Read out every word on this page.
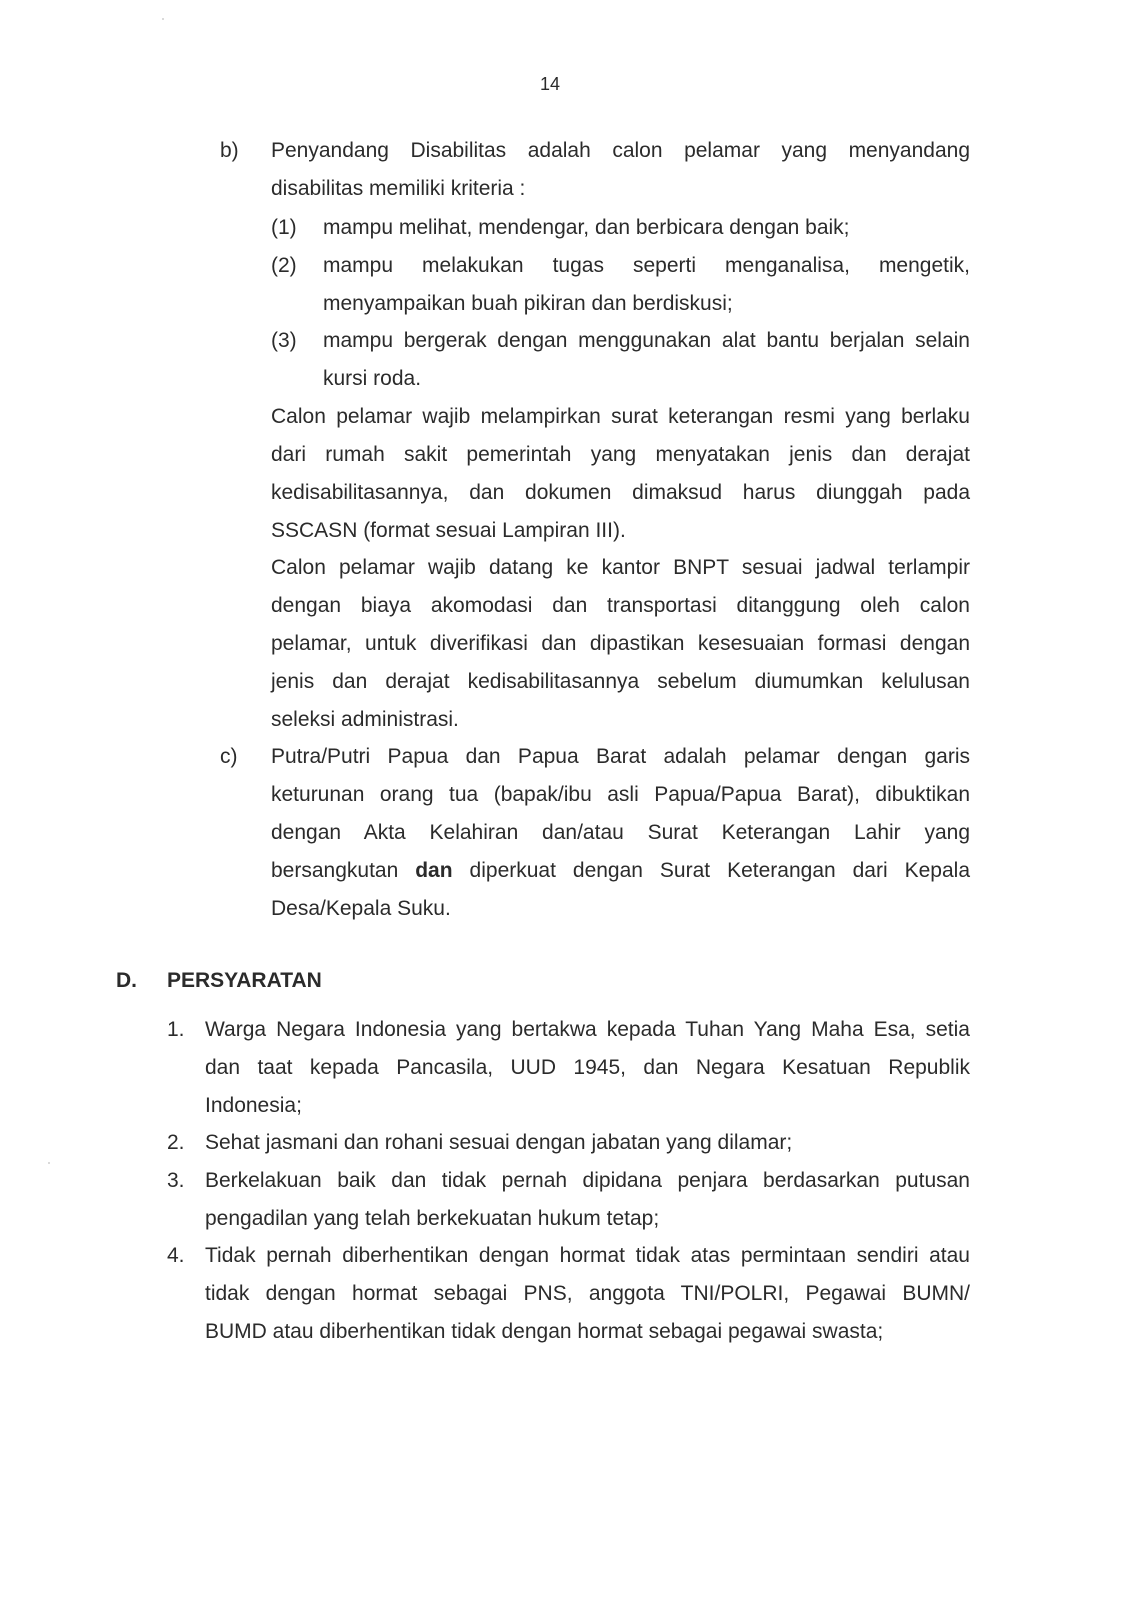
14
b) Penyandang Disabilitas adalah calon pelamar yang menyandang
disabilitas memiliki kriteria :
(1) mampu melihat, mendengar, dan berbicara dengan baik;
(2) mampu melakukan tugas seperti menganalisa, mengetik,
menyampaikan buah pikiran dan berdiskusi;
(3) mampu bergerak dengan menggunakan alat bantu berjalan selain
kursi roda.
Calon pelamar wajib melampirkan surat keterangan resmi yang berlaku
dari rumah sakit pemerintah yang menyatakan jenis dan derajat
kedisabilitasannya, dan dokumen dimaksud harus diunggah pada
SSCASN (format sesuai Lampiran III).
Calon pelamar wajib datang ke kantor BNPT sesuai jadwal terlampir
dengan biaya akomodasi dan transportasi ditanggung oleh calon
pelamar, untuk diverifikasi dan dipastikan kesesuaian formasi dengan
jenis dan derajat kedisabilitasannya sebelum diumumkan kelulusan
seleksi administrasi.
c) Putra/Putri Papua dan Papua Barat adalah pelamar dengan garis
keturunan orang tua (bapak/ibu asli Papua/Papua Barat), dibuktikan
dengan Akta Kelahiran dan/atau Surat Keterangan Lahir yang
bersangkutan dan diperkuat dengan Surat Keterangan dari Kepala
Desa/Kepala Suku.
D. PERSYARATAN
1. Warga Negara Indonesia yang bertakwa kepada Tuhan Yang Maha Esa, setia
dan taat kepada Pancasila, UUD 1945, dan Negara Kesatuan Republik
Indonesia;
2. Sehat jasmani dan rohani sesuai dengan jabatan yang dilamar;
3. Berkelakuan baik dan tidak pernah dipidana penjara berdasarkan putusan
pengadilan yang telah berkekuatan hukum tetap;
4. Tidak pernah diberhentikan dengan hormat tidak atas permintaan sendiri atau
tidak dengan hormat sebagai PNS, anggota TNI/POLRI, Pegawai BUMN/
BUMD atau diberhentikan tidak dengan hormat sebagai pegawai swasta;
